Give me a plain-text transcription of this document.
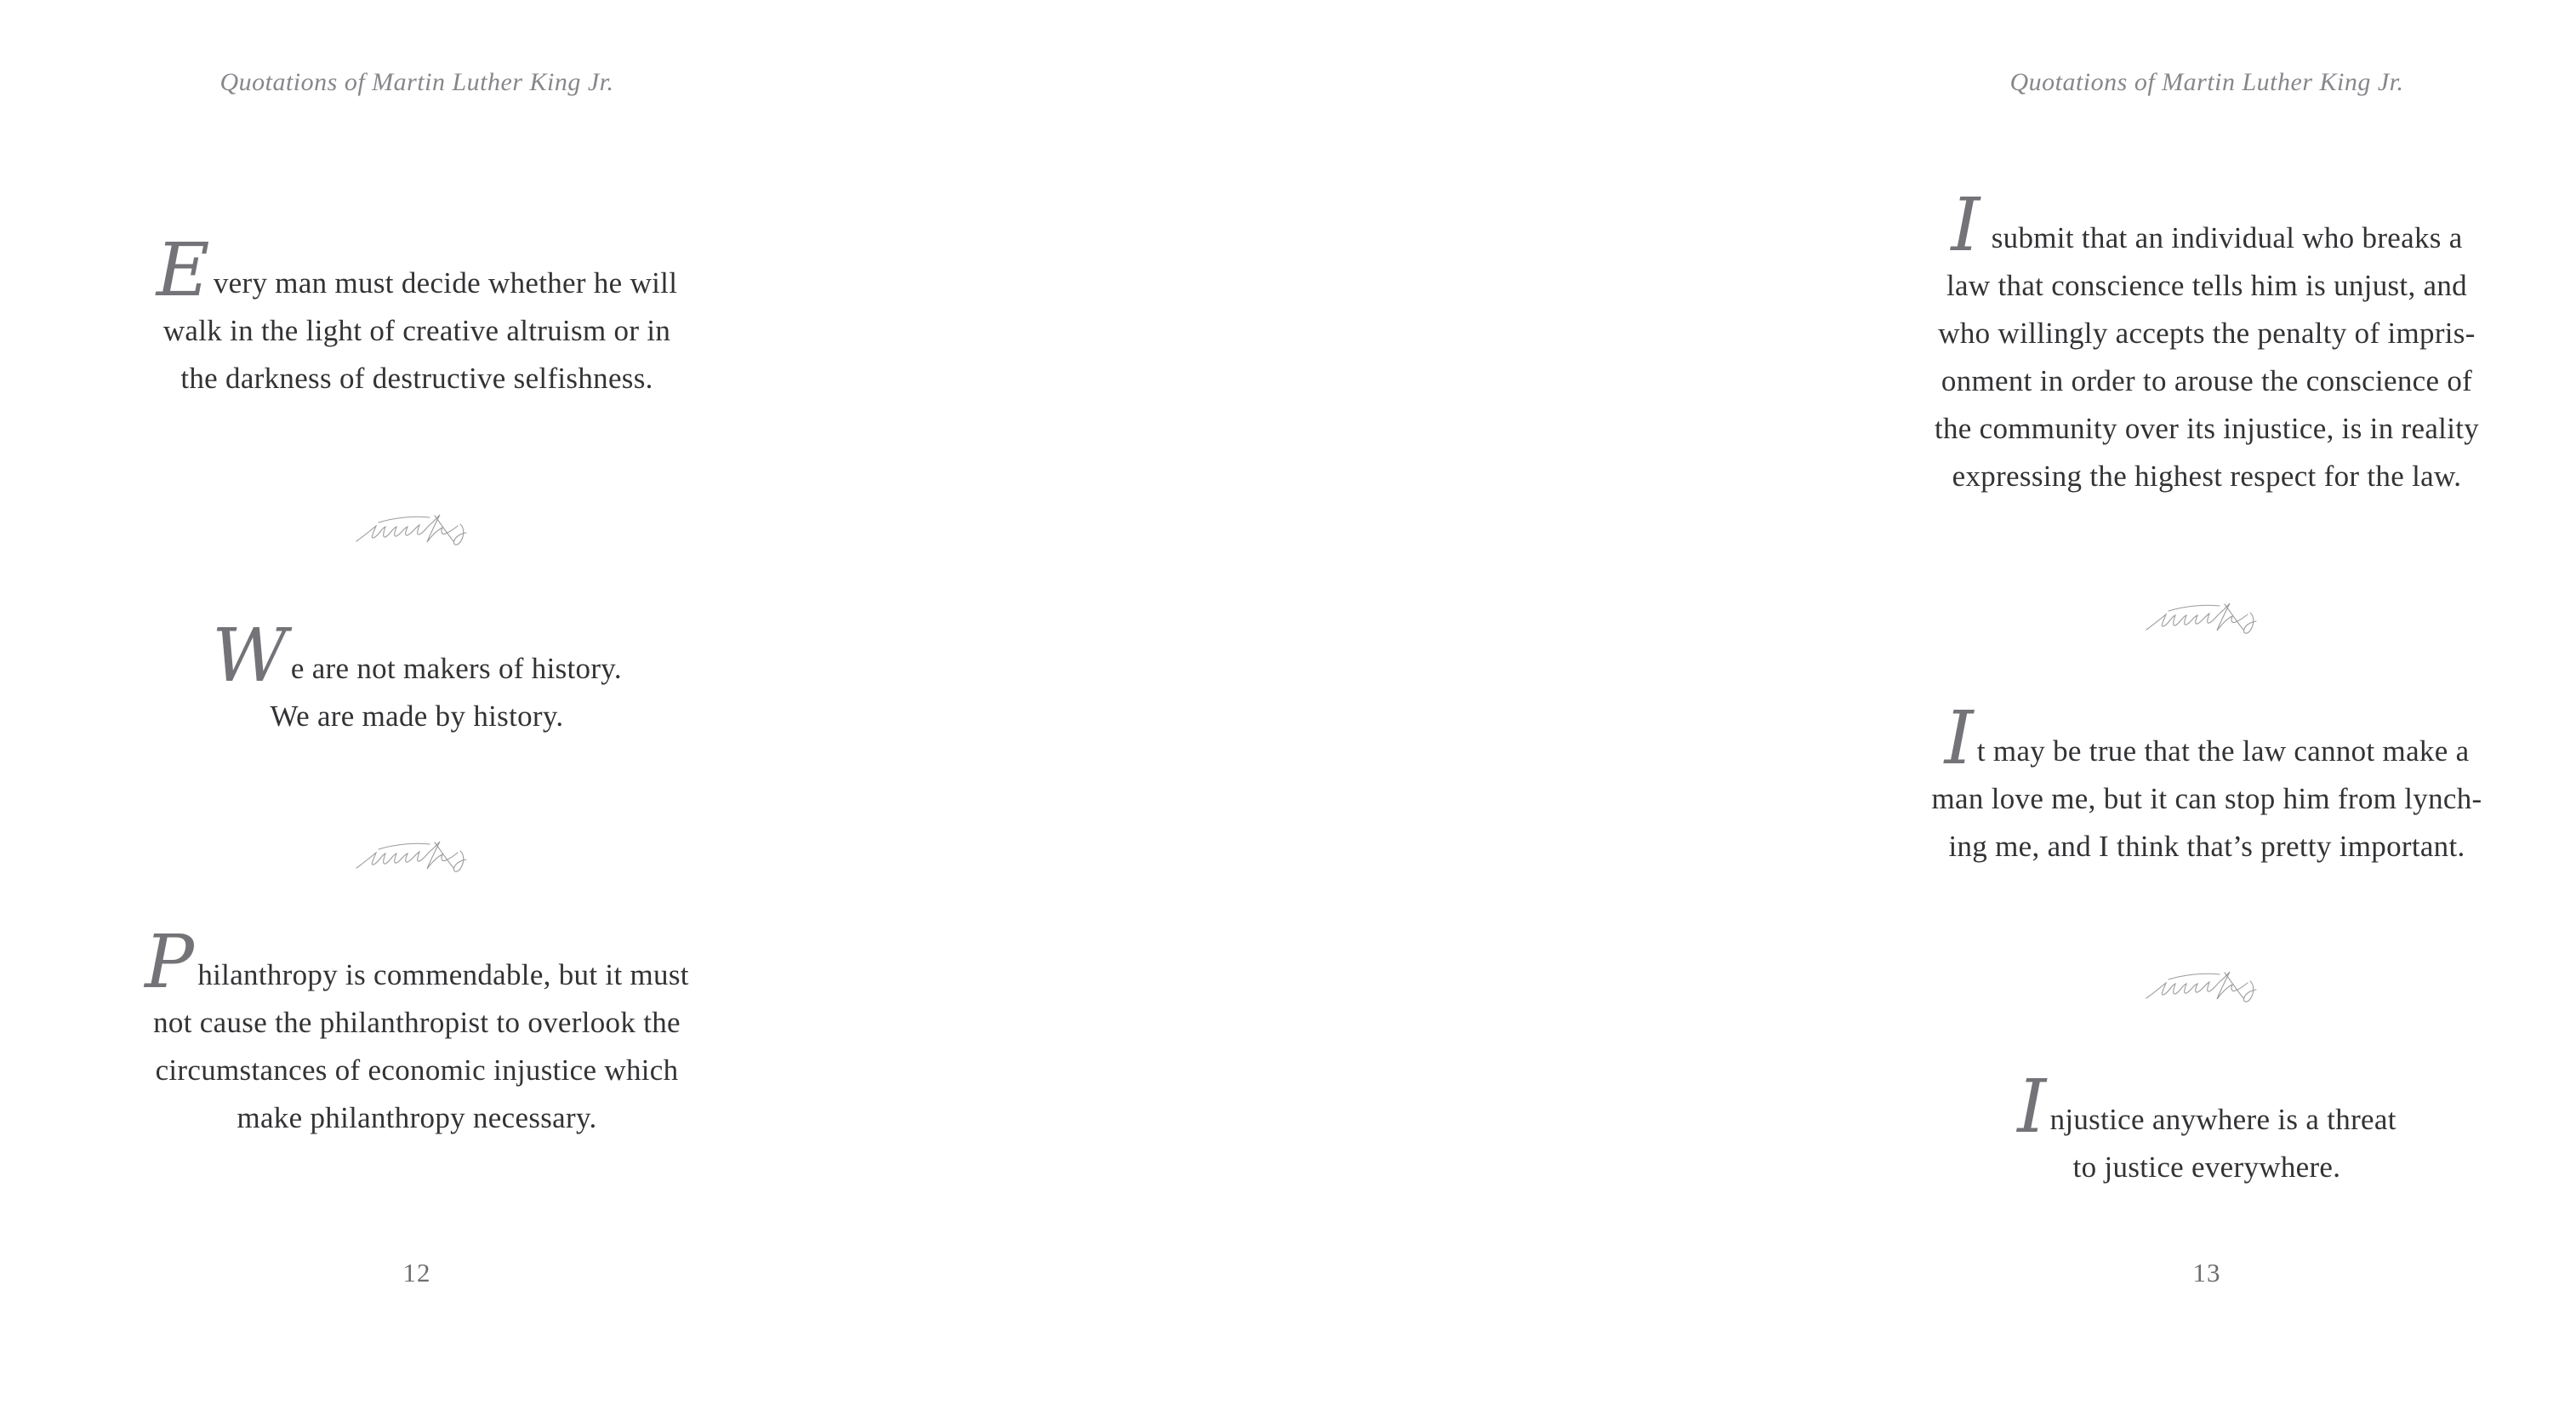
Quotations of Martin Luther King Jr.

Every man must decide whether he will

walk in the light of creative altruism or in

the darkness of destructive selfishness.

We are not makers of history.

We are made by history.

Philanthropy is commendable, but it must

not cause the philanthropist to overlook the

circumstances of economic injustice which

make philanthropy necessary.

12
Quotations of Martin Luther King Jr.

I submit that an individual who breaks a

law that conscience tells him is unjust, and

who willingly accepts the penalty of impris-

onment in order to arouse the conscience of

the community over its injustice, is in reality

expressing the highest respect for the law.

It may be true that the law cannot make a

man love me, but it can stop him from lynch-

ing me, and I think that’s pretty important.

Injustice anywhere is a threat

to justice everywhere.

13
